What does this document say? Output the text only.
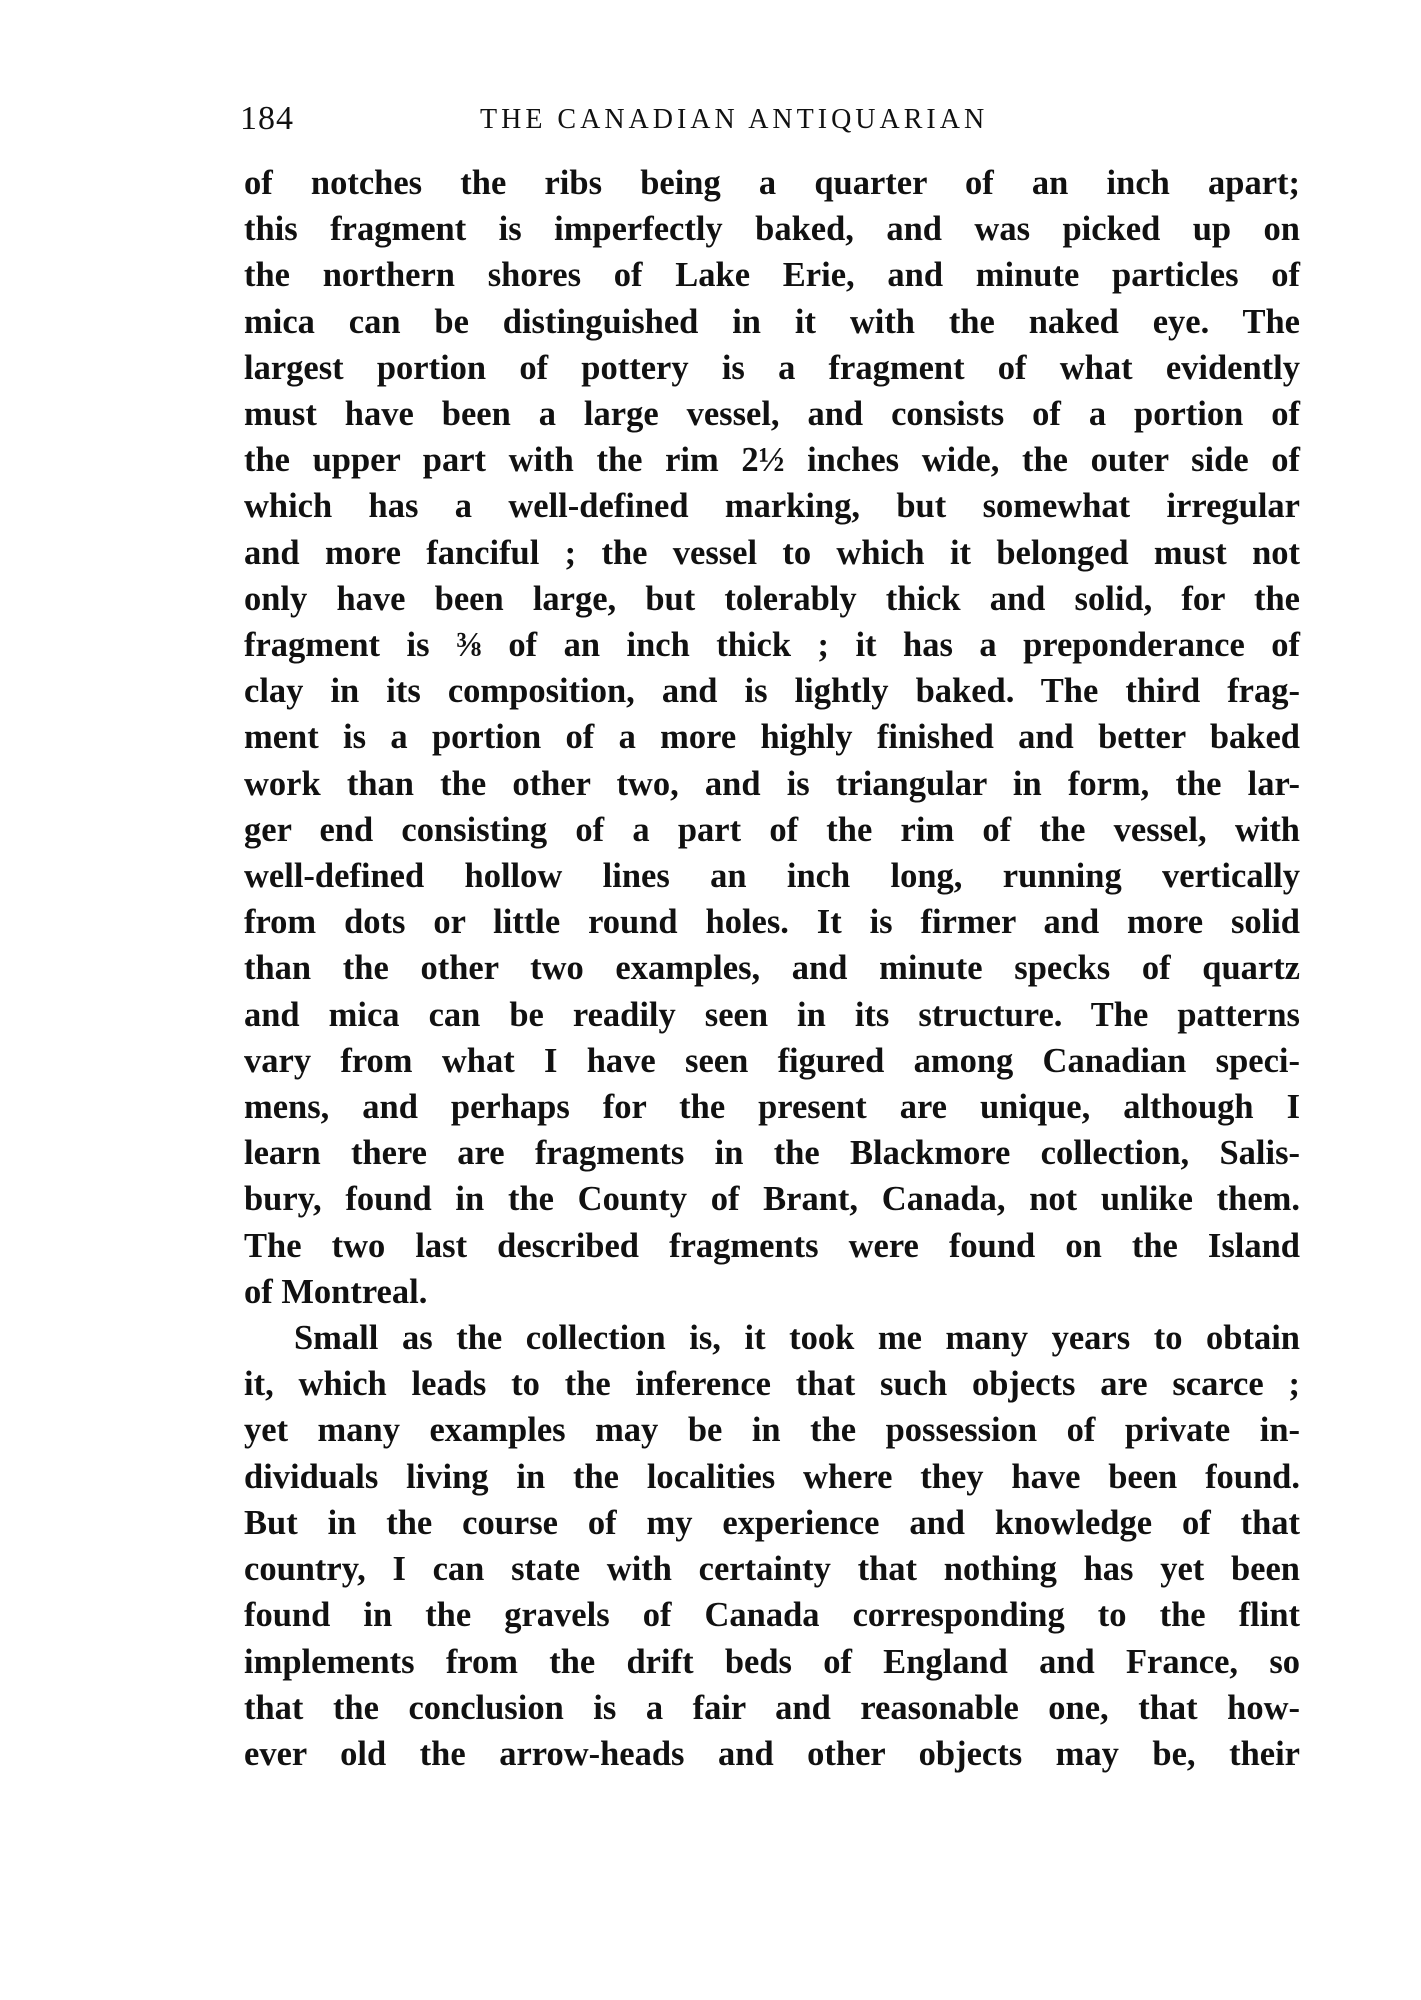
184	THE CANADIAN ANTIQUARIAN
of notches the ribs being a quarter of an inch apart;
this fragment is imperfectly baked, and was picked up on
the northern shores of Lake Erie, and minute particles of
mica can be distinguished in it with the naked eye. The
largest portion of pottery is a fragment of what evidently
must have been a large vessel, and consists of a portion of
the upper part with the rim 2½ inches wide, the outer side of
which has a well-defined marking, but somewhat irregular
and more fanciful ; the vessel to which it belonged must not
only have been large, but tolerably thick and solid, for the
fragment is ⅜ of an inch thick ; it has a preponderance of
clay in its composition, and is lightly baked. The third frag-
ment is a portion of a more highly finished and better baked
work than the other two, and is triangular in form, the lar-
ger end consisting of a part of the rim of the vessel, with
well-defined hollow lines an inch long, running vertically
from dots or little round holes. It is firmer and more solid
than the other two examples, and minute specks of quartz
and mica can be readily seen in its structure. The patterns
vary from what I have seen figured among Canadian speci-
mens, and perhaps for the present are unique, although I
learn there are fragments in the Blackmore collection, Salis-
bury, found in the County of Brant, Canada, not unlike them.
The two last described fragments were found on the Island
of Montreal.
Small as the collection is, it took me many years to obtain
it, which leads to the inference that such objects are scarce ;
yet many examples may be in the possession of private in-
dividuals living in the localities where they have been found.
But in the course of my experience and knowledge of that
country, I can state with certainty that nothing has yet been
found in the gravels of Canada corresponding to the flint
implements from the drift beds of England and France, so
that the conclusion is a fair and reasonable one, that how-
ever old the arrow-heads and other objects may be, their
